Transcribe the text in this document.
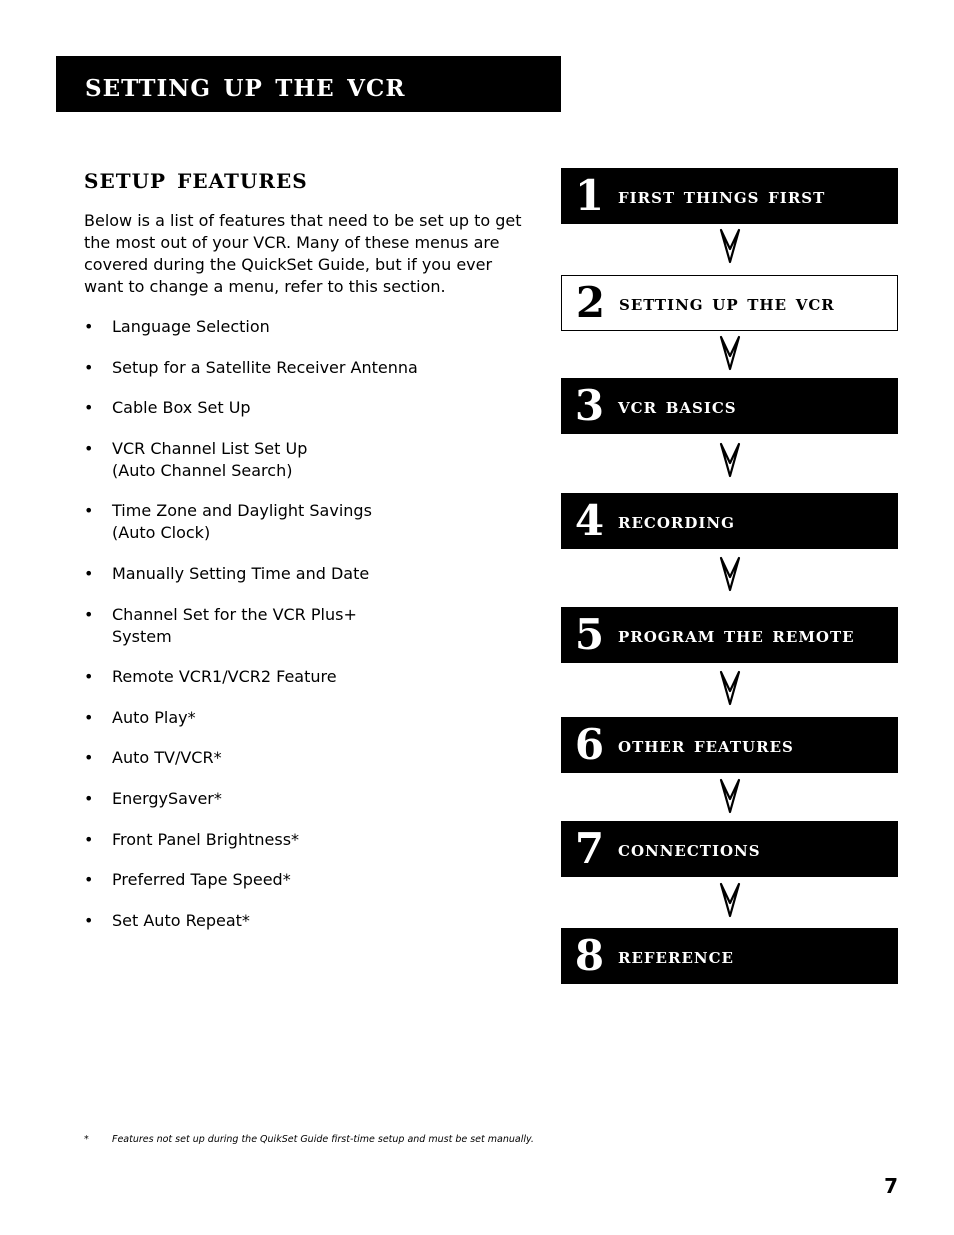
setting up the vcr
setup features

Below is a list of features that need to be set up to get the most out of your VCR. Many of these menus are covered during the QuickSet Guide, but if you ever want to change a menu, refer to this section.

• Language Selection
• Setup for a Satellite Receiver Antenna
• Cable Box Set Up
• VCR Channel List Set Up
(Auto Channel Search)
• Time Zone and Daylight Savings
(Auto Clock)
• Manually Setting Time and Date
• Channel Set for the VCR Plus+
System
• Remote VCR1/VCR2 Feature
• Auto Play*
• Auto TV/VCR*
• EnergySaver*
• Front Panel Brightness*
• Preferred Tape Speed*
• Set Auto Repeat*
1 first things first
2 setting up the vcr
3 vcr basics
4 recording
5 program the remote
6 other features
7 connections
8 reference
* Features not set up during the QuikSet Guide first-time setup and must be set manually.
7
